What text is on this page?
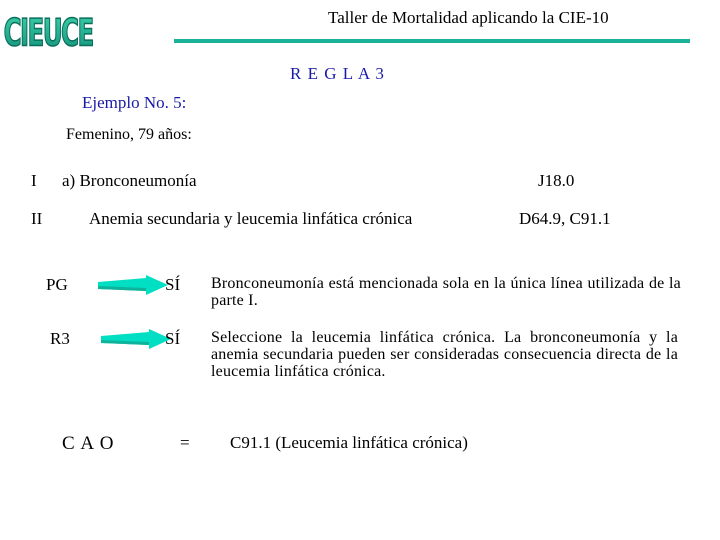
CIEUCE	Taller de Mortalidad aplicando la CIE-10
R E G L A 3
Ejemplo No. 5:
Femenino, 79 años:
I a) Bronconeumonía	J18.0
II	Anemia secundaria y leucemia linfática crónica	D64.9, C91.1
PG	SÍ Bronconeumonía está mencionada sola en la única línea utilizada de la parte I.
R3	SÍ Seleccione la leucemia linfática crónica. La bronconeumonía y la anemia secundaria pueden ser consideradas consecuencia directa de la leucemia linfática crónica.
C A O	= C91.1 (Leucemia linfática crónica)
